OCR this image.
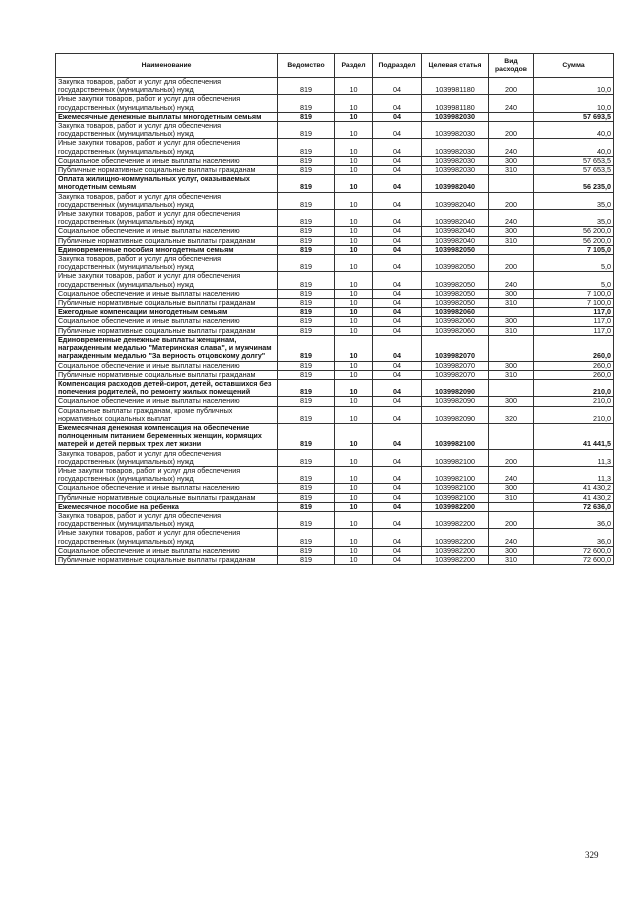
Наименование	Ведомство	Раздел	Подраздел	Целевая статья	Вид расходов	Сумма
Закупка товаров, работ и услуг для обеспечения государственных (муниципальных) нужд	819	10	04	1039981180	200	10,0
Иные закупки товаров, работ и услуг для обеспечения государственных (муниципальных) нужд	819	10	04	1039981180	240	10,0
Ежемесячные денежные выплаты многодетным семьям	819	10	04	1039982030		57 693,5
Закупка товаров, работ и услуг для обеспечения государственных (муниципальных) нужд	819	10	04	1039982030	200	40,0
Иные закупки товаров, работ и услуг для обеспечения государственных (муниципальных) нужд	819	10	04	1039982030	240	40,0
Социальное обеспечение и иные выплаты населению	819	10	04	1039982030	300	57 653,5
Публичные нормативные социальные выплаты гражданам	819	10	04	1039982030	310	57 653,5
Оплата жилищно-коммунальных услуг, оказываемых многодетным семьям	819	10	04	1039982040		56 235,0
Закупка товаров, работ и услуг для обеспечения государственных (муниципальных) нужд	819	10	04	1039982040	200	35,0
Иные закупки товаров, работ и услуг для обеспечения государственных (муниципальных) нужд	819	10	04	1039982040	240	35,0
Социальное обеспечение и иные выплаты населению	819	10	04	1039982040	300	56 200,0
Публичные нормативные социальные выплаты гражданам	819	10	04	1039982040	310	56 200,0
Единовременные пособия многодетным семьям	819	10	04	1039982050		7 105,0
Закупка товаров, работ и услуг для обеспечения государственных (муниципальных) нужд	819	10	04	1039982050	200	5,0
Иные закупки товаров, работ и услуг для обеспечения государственных (муниципальных) нужд	819	10	04	1039982050	240	5,0
Социальное обеспечение и иные выплаты населению	819	10	04	1039982050	300	7 100,0
Публичные нормативные социальные выплаты гражданам	819	10	04	1039982050	310	7 100,0
Ежегодные компенсации многодетным семьям	819	10	04	1039982060		117,0
Социальное обеспечение и иные выплаты населению	819	10	04	1039982060	300	117,0
Публичные нормативные социальные выплаты гражданам	819	10	04	1039982060	310	117,0
Единовременные денежные выплаты женщинам, награжденным медалью "Материнская слава", и мужчинам награжденным медалью "За верность отцовскому долгу"	819	10	04	1039982070		260,0
Социальное обеспечение и иные выплаты населению	819	10	04	1039982070	300	260,0
Публичные нормативные социальные выплаты гражданам	819	10	04	1039982070	310	260,0
Компенсация расходов детей-сирот, детей, оставшихся без попечения родителей, по ремонту жилых помещений	819	10	04	1039982090		210,0
Социальное обеспечение и иные выплаты населению	819	10	04	1039982090	300	210,0
Социальные выплаты гражданам, кроме публичных нормативных социальных выплат	819	10	04	1039982090	320	210,0
Ежемесячная денежная компенсация на обеспечение полноценным питанием беременных женщин, кормящих матерей и детей первых трех лет жизни	819	10	04	1039982100		41 441,5
Закупка товаров, работ и услуг для обеспечения государственных (муниципальных) нужд	819	10	04	1039982100	200	11,3
Иные закупки товаров, работ и услуг для обеспечения государственных (муниципальных) нужд	819	10	04	1039982100	240	11,3
Социальное обеспечение и иные выплаты населению	819	10	04	1039982100	300	41 430,2
Публичные нормативные социальные выплаты гражданам	819	10	04	1039982100	310	41 430,2
Ежемесячное пособие на ребенка	819	10	04	1039982200		72 636,0
Закупка товаров, работ и услуг для обеспечения государственных (муниципальных) нужд	819	10	04	1039982200	200	36,0
Иные закупки товаров, работ и услуг для обеспечения государственных (муниципальных) нужд	819	10	04	1039982200	240	36,0
Социальное обеспечение и иные выплаты населению	819	10	04	1039982200	300	72 600,0
Публичные нормативные социальные выплаты гражданам	819	10	04	1039982200	310	72 600,0
329
